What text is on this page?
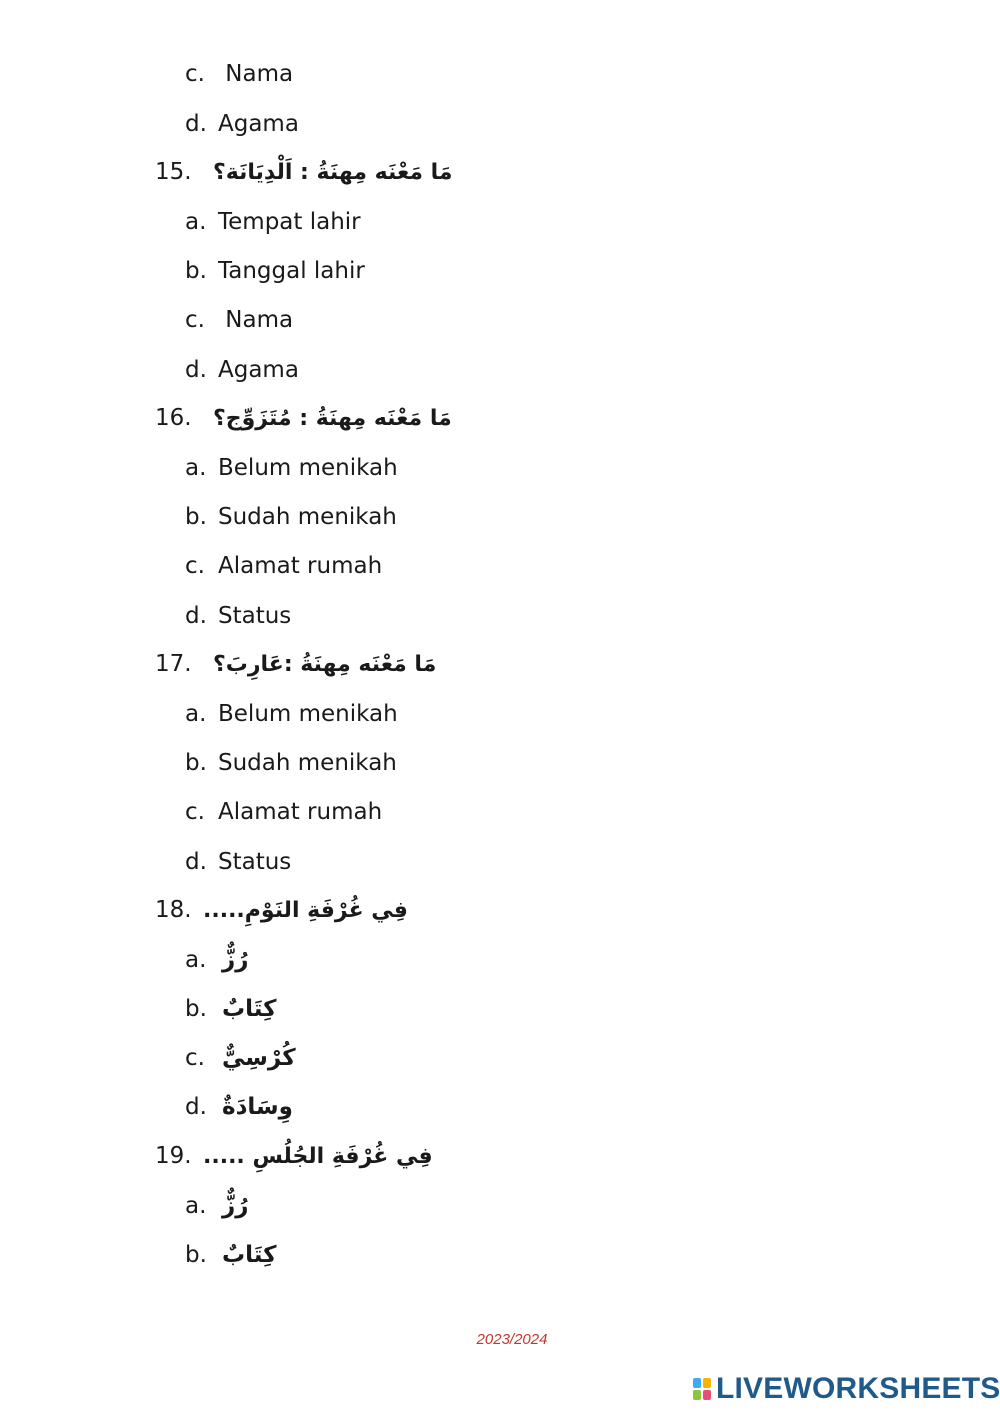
c. Nama
d. Agama
15. مَا مَعْنَه مِهنَةُ : اَلْدِيَانَة؟
a. Tempat lahir
b. Tanggal lahir
c. Nama
d. Agama
16. مَا مَعْنَه مِهنَةُ : مُتَزَوِّج؟
a. Belum menikah
b. Sudah menikah
c. Alamat rumah
d. Status
17. مَا مَعْنَه مِهنَةُ :عَارِبَ؟
a. Belum menikah
b. Sudah menikah
c. Alamat rumah
d. Status
18. فِي غُرْفَةِ النَوْمِ.....
a. رُزٌّ
b. كِتَابٌ
c. كُرْسِيٌّ
d. وِسَادَةٌ
19. فِي غُرْفَةِ الجُلُسِ .....
a. رُزٌّ
b. كِتَابٌ
2023/2024
LIVEWORKSHEETS
